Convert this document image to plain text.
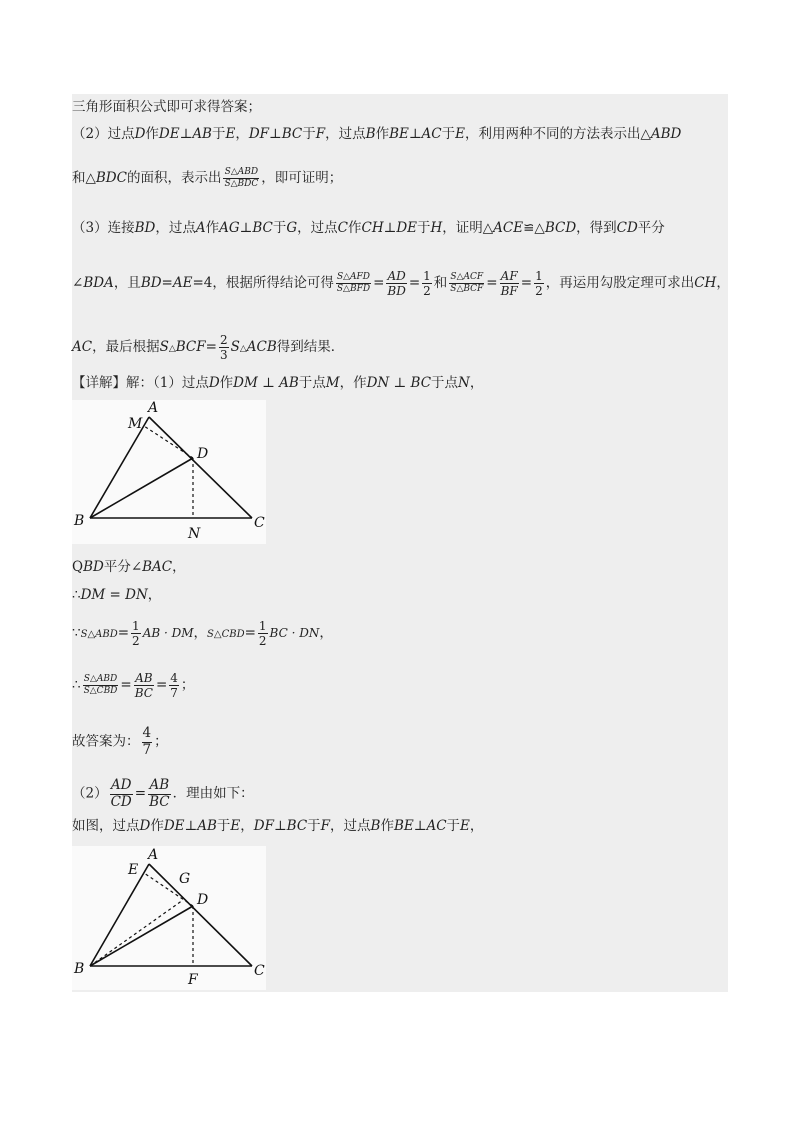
三角形面积公式即可求得答案；
（2）过点D作DE⊥AB于E，DF⊥BC于F，过点B作BE⊥AC于E，利用两种不同的方法表示出△ABD
和△BDC的面积，表示出 $\frac{\text{S△ABD}}{\text{S△BDC}}$ ，即可证明；
（3）连接BD，过点A作AG⊥BC于G，过点C作CH⊥DE于H，证明△ACE≌△BCD，得到CD平分
∠BDA，且BD=AE=4，根据所得结论可得 $\frac{\text{S△AFD}}{\text{S△BFD}} = \frac{AD}{BD} = \frac{1}{2}$ 和 $\frac{\text{S△ACF}}{\text{S△BCF}} = \frac{AF}{BF} = \frac{1}{2}$ ，再运用勾股定理可求出CH，
AC，最后根据S△BCF= $\frac{2}{3}$ S△ACB得到结果．
【详解】解：（1）过点D作DM ⊥ AB于点M，作DN ⊥ BC于点N，
A
M
D
B
N
C
QBD平分∠BAC，
∴DM = DN，
∵S△ABD= $\frac{1}{2}$ AB · DM，S△CBD= $\frac{1}{2}$ BC · DN，
∴ $\frac{\text{S△ABD}}{\text{S△CBD}} = \frac{AB}{BC} = \frac{4}{7}$ ；
故答案为： $\frac{4}{7}$ ；
$(2) \frac{AD}{CD} = \frac{AB}{BC}$ ．理由如下：
如图，过点D作DE⊥AB于E，DF⊥BC于F，过点B作BE⊥AC于E，
A
E
G
D
B
F
C
